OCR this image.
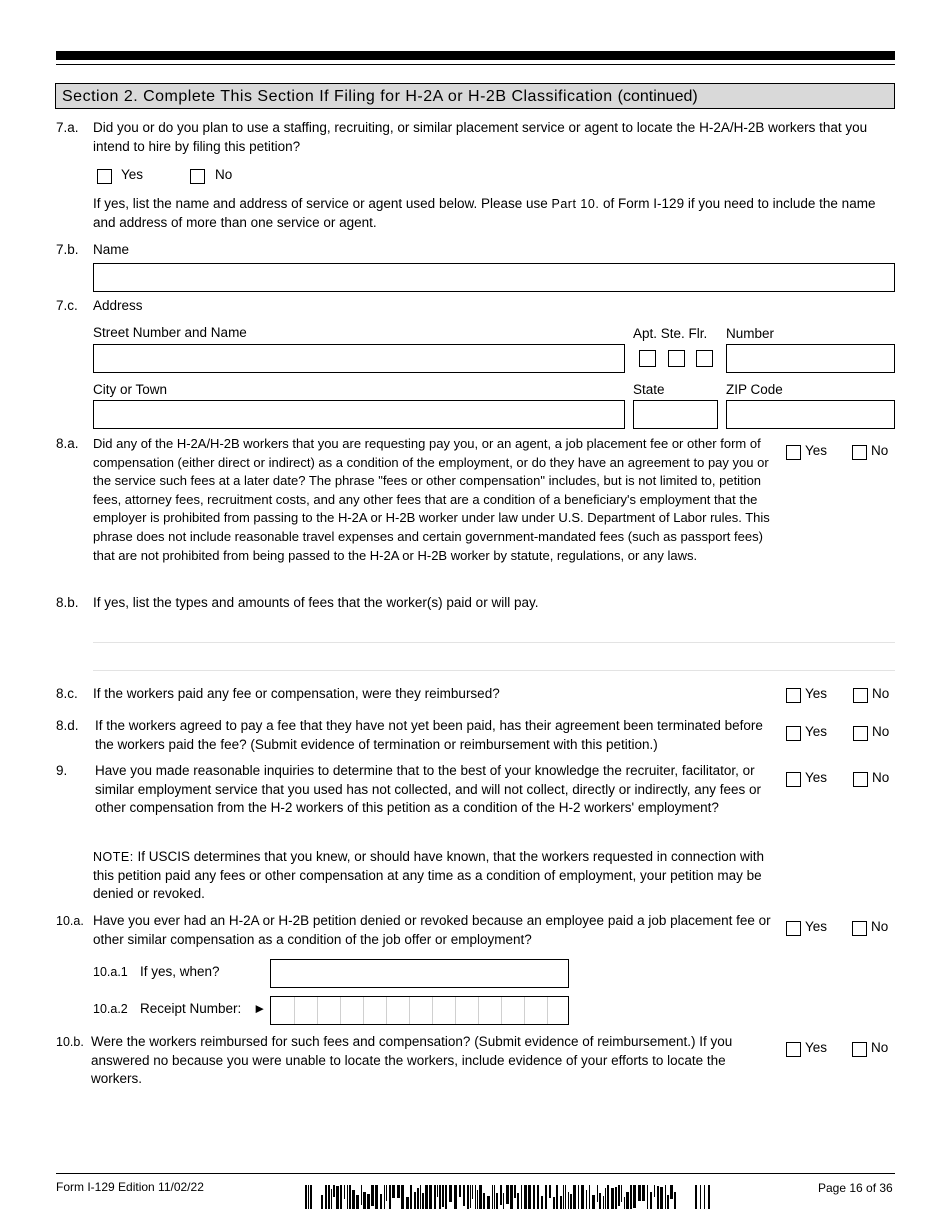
Section 2. Complete This Section If Filing for H-2A or H-2B Classification (continued)
7.a. Did you or do you plan to use a staffing, recruiting, or similar placement service or agent to locate the H-2A/H-2B workers that you intend to hire by filing this petition?
Yes	No
If yes, list the name and address of service or agent used below. Please use Part 10. of Form I-129 if you need to include the name and address of more than one service or agent.
7.b. Name
7.c. Address
Street Number and Name	Apt. Ste. Flr. Number
City or Town	State	ZIP Code
8.a. Did any of the H-2A/H-2B workers that you are requesting pay you, or an agent, a job placement fee or other form of compensation (either direct or indirect) as a condition of the employment, or do they have an agreement to pay you or the service such fees at a later date? The phrase "fees or other compensation" includes, but is not limited to, petition fees, attorney fees, recruitment costs, and any other fees that are a condition of a beneficiary's employment that the employer is prohibited from passing to the H-2A or H-2B worker under law under U.S. Department of Labor rules. This phrase does not include reasonable travel expenses and certain government-mandated fees (such as passport fees) that are not prohibited from being passed to the H-2A or H-2B worker by statute, regulations, or any laws.
Yes	No
8.b. If yes, list the types and amounts of fees that the worker(s) paid or will pay.
8.c. If the workers paid any fee or compensation, were they reimbursed?	Yes	No
8.d. If the workers agreed to pay a fee that they have not yet been paid, has their agreement been terminated before the workers paid the fee? (Submit evidence of termination or reimbursement with this petition.)
Yes	No
9. Have you made reasonable inquiries to determine that to the best of your knowledge the recruiter, facilitator, or similar employment service that you used has not collected, and will not collect, directly or indirectly, any fees or other compensation from the H-2 workers of this petition as a condition of the H-2 workers' employment?
Yes	No
NOTE: If USCIS determines that you knew, or should have known, that the workers requested in connection with this petition paid any fees or other compensation at any time as a condition of employment, your petition may be denied or revoked.
10.a. Have you ever had an H-2A or H-2B petition denied or revoked because an employee paid a job placement fee or other similar compensation as a condition of the job offer or employment?
Yes	No
10.a.1 If yes, when?
10.a.2 Receipt Number: ►
10.b. Were the workers reimbursed for such fees and compensation? (Submit evidence of reimbursement.) If you answered no because you were unable to locate the workers, include evidence of your efforts to locate the workers.
Yes	No
Form I-129 Edition 11/02/22	Page 16 of 36
